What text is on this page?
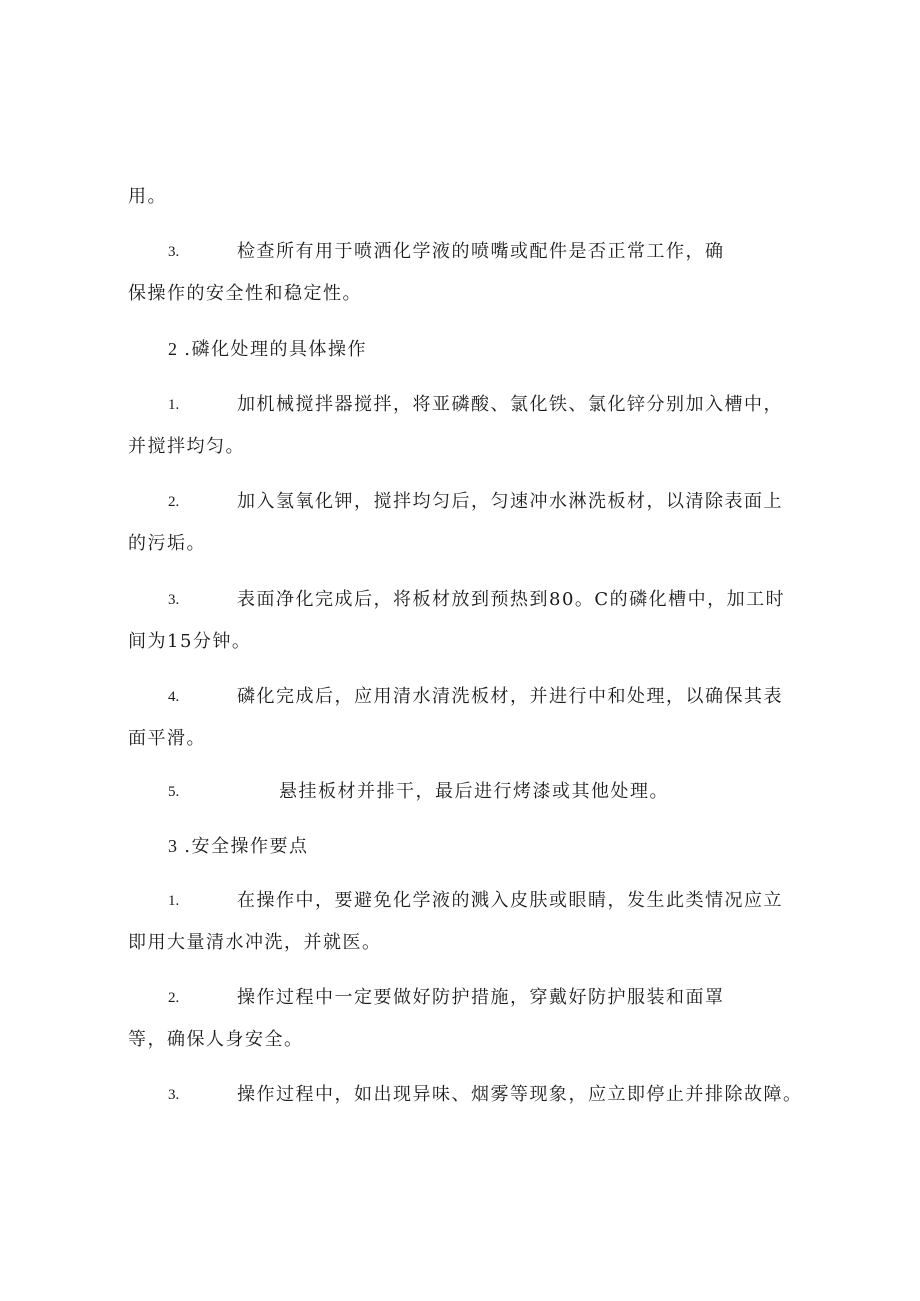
用。
3.	检查所有用于喷洒化学液的喷嘴或配件是否正常工作，确
保操作的安全性和稳定性。
2 .磷化处理的具体操作
1.	加机械搅拌器搅拌，将亚磷酸、氯化铁、氯化锌分别加入槽中，
并搅拌均匀。
2.	加入氢氧化钾，搅拌均匀后，匀速冲水淋洗板材，以清除表面上
的污垢。
3.	表面净化完成后，将板材放到预热到80。C的磷化槽中，加工时
间为15分钟。
4.	磷化完成后，应用清水清洗板材，并进行中和处理，以确保其表
面平滑。
5.	悬挂板材并排干，最后进行烤漆或其他处理。
3 .安全操作要点
1.	在操作中，要避免化学液的溅入皮肤或眼睛，发生此类情况应立
即用大量清水冲洗，并就医。
2.	操作过程中一定要做好防护措施，穿戴好防护服装和面罩
等，确保人身安全。
3.	操作过程中，如出现异味、烟雾等现象，应立即停止并排除故障。
